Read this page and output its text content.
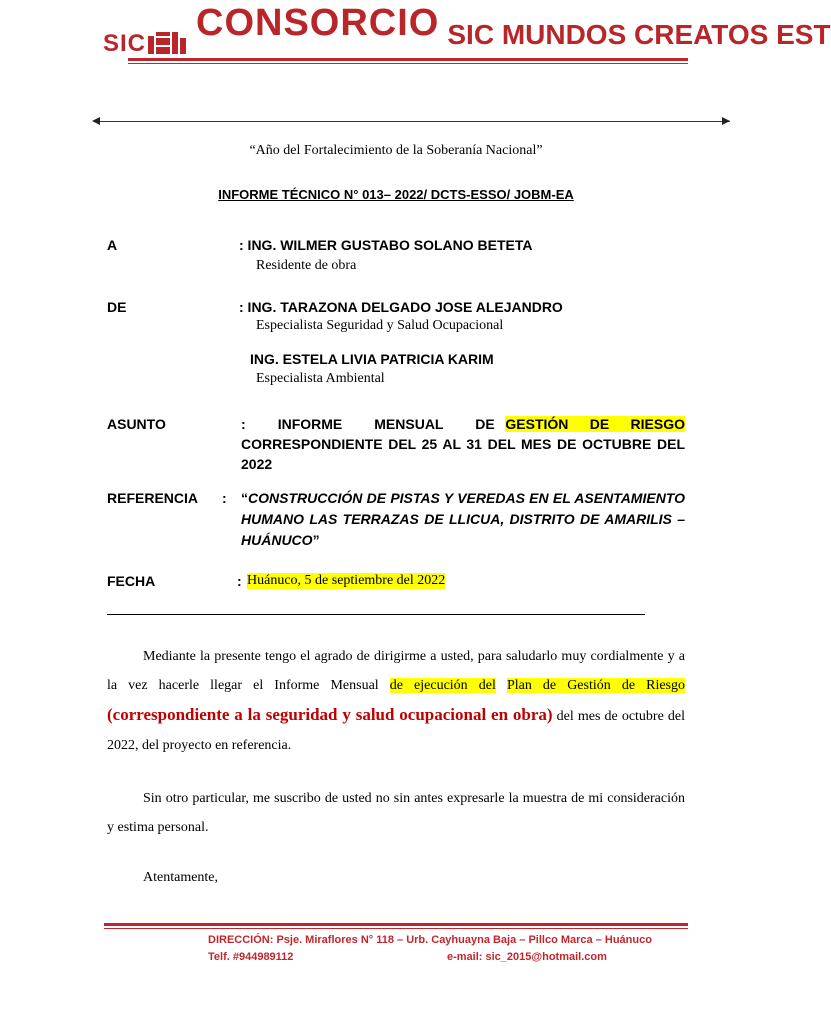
SIC CONSORCIO SIC MUNDOS CREATOS EST
“Año del Fortalecimiento de la Soberanía Nacional”
INFORME TÉCNICO N° 013– 2022/ DCTS-ESSO/ JOBM-EA
A	: ING. WILMER GUSTABO SOLANO BETETA
Residente de obra
DE	: ING. TARAZONA DELGADO JOSE ALEJANDRO
Especialista Seguridad y Salud Ocupacional
ING. ESTELA LIVIA PATRICIA KARIM
Especialista Ambiental
ASUNTO	:   INFORME   MENSUAL   DE GESTIÓN  DE  RIESGO CORRESPONDIENTE DEL 25 AL 31 DEL MES DE OCTUBRE DEL 2022
REFERENCIA : “CONSTRUCCIÓN DE PISTAS Y VEREDAS EN EL ASENTAMIENTO HUMANO LAS TERRAZAS DE LLICUA, DISTRITO DE AMARILIS – HUÁNUCO”
FECHA	: Huánuco, 5 de septiembre del 2022
Mediante la presente tengo el agrado de dirigirme a usted, para saludarlo muy cordialmente y a la vez hacerle llegar el Informe Mensual de ejecución del Plan de Gestión de Riesgo (correspondiente a la seguridad y salud ocupacional en obra) del mes de octubre del 2022, del proyecto en referencia.
Sin otro particular, me suscribo de usted no sin antes expresarle la muestra de mi consideración y estima personal.
Atentamente,
DIRECCIÓN: Psje. Miraflores N° 118 – Urb. Cayhuayna Baja – Pillco Marca – Huánuco
Telf. #944989112	e-mail: sic_2015@hotmail.com
